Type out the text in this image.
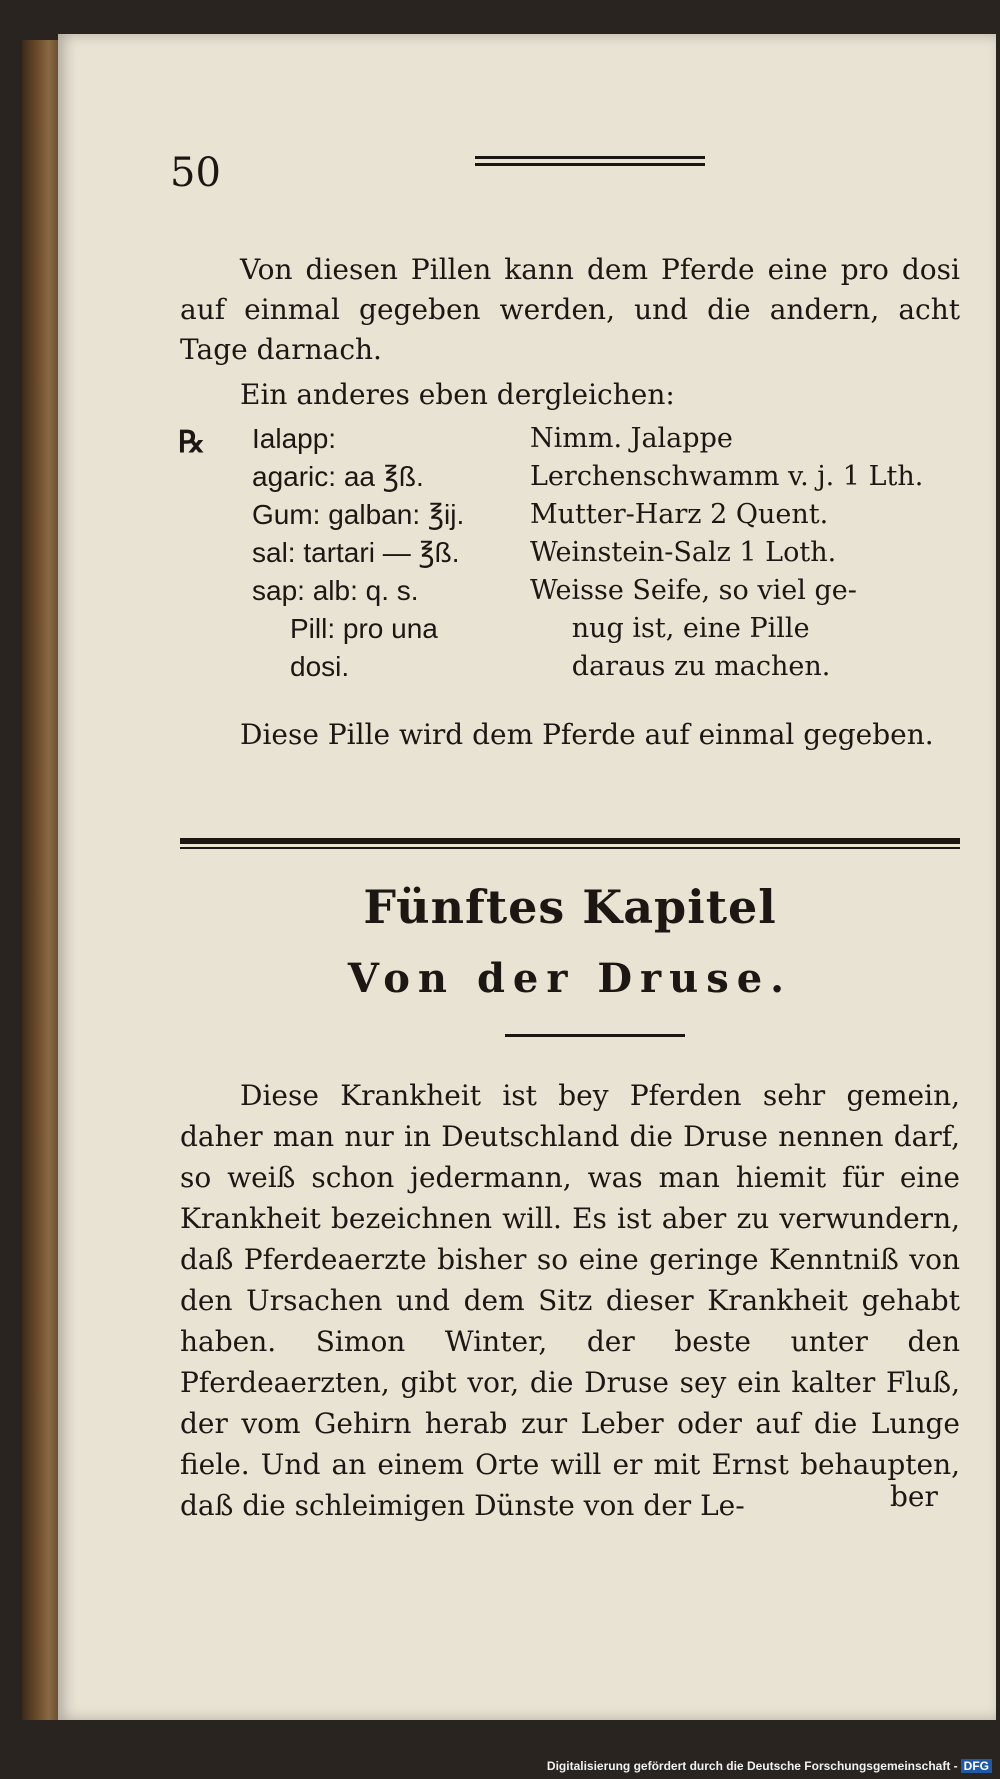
50
Von diesen Pillen kann dem Pferde eine pro dosi auf einmal gegeben werden, und die andern, acht Tage darnach.
Ein anderes eben dergleichen:
℞ Ialapp:	Nimm. Jalappe
agaric: aa ℥ß.	Lerchenschwamm v. j. 1 Lth.
Gum: galban: ℥ij.	Mutter-Harz 2 Quent.
sal: tartari — ℥ß.	Weinstein-Salz 1 Loth.
sap: alb: q. s.	Weisse Seife, so viel ge-
Pill: pro una	nug ist, eine Pille
dosi.	daraus zu machen.
Diese Pille wird dem Pferde auf einmal gegeben.
Fünftes Kapitel
Von der Druse.
Diese Krankheit ist bey Pferden sehr gemein, daher man nur in Deutschland die Druse nennen darf, so weiß schon jedermann, was man hiemit für eine Krankheit bezeichnen will. Es ist aber zu verwundern, daß Pferdeaerzte bisher so eine geringe Kenntniß von den Ursachen und dem Sitz dieser Krankheit gehabt haben. Simon Winter, der beste unter den Pferdeaerzten, gibt vor, die Druse sey ein kalter Fluß, der vom Gehirn herab zur Leber oder auf die Lunge fiele. Und an einem Orte will er mit Ernst behaupten, daß die schleimigen Dünste von der Le-	ber
Digitalisierung gefördert durch die Deutsche Forschungsgemeinschaft - DFG
